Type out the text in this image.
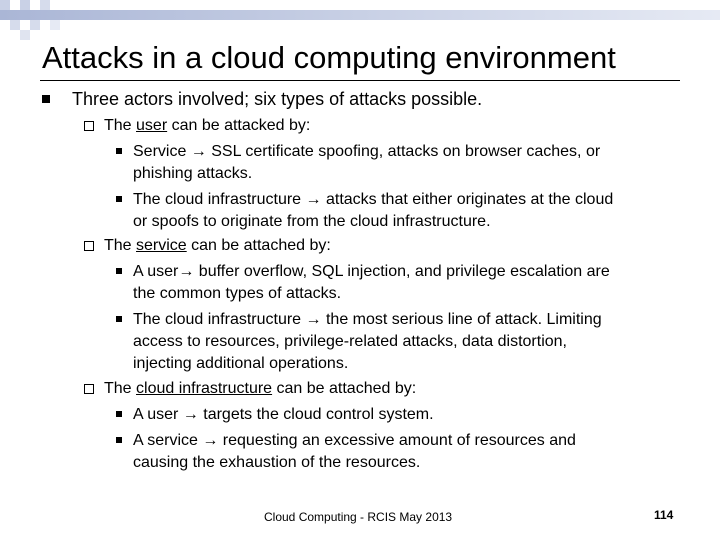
Attacks in a cloud computing environment
Three actors involved; six types of attacks possible.
The user can be attacked by:
Service → SSL certificate spoofing, attacks on browser caches, or
phishing attacks.
The cloud infrastructure → attacks that either originates at the cloud
or spoofs to originate from the cloud infrastructure.
The service can be attached by:
A user→ buffer overflow, SQL injection, and privilege escalation are
the common types of attacks.
The cloud infrastructure → the most serious line of attack. Limiting
access to resources, privilege-related attacks, data distortion,
injecting additional operations.
The cloud infrastructure can be attached by:
A user → targets the cloud control system.
A service → requesting an excessive amount of resources and
causing the exhaustion of the resources.
Cloud Computing - RCIS May 2013	114
